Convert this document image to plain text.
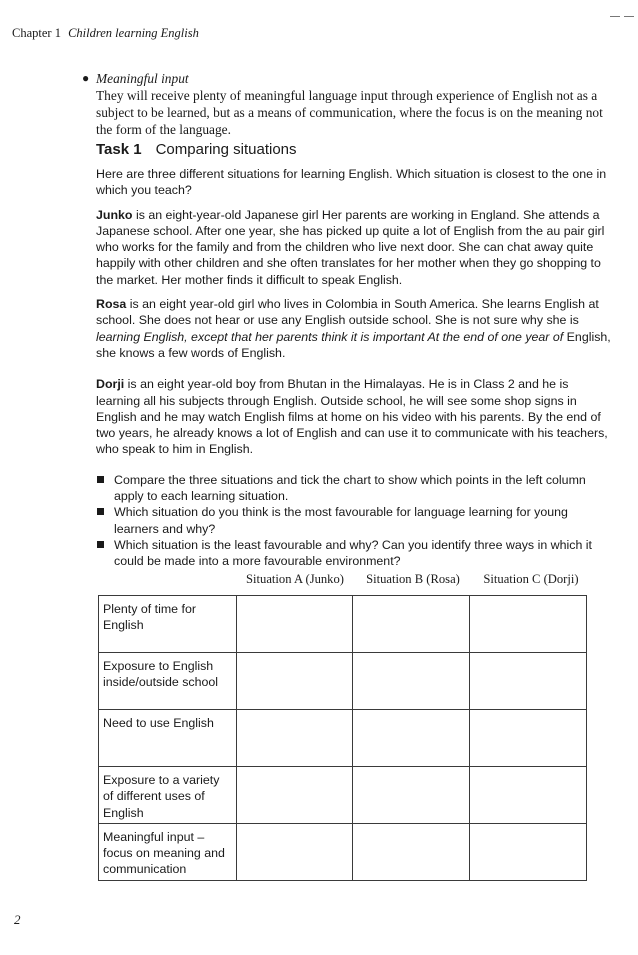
Chapter 1 Children learning English
● Meaningful input

They will receive plenty of meaningful language input through experience of English not as a subject to be learned, but as a means of communication, where the focus is on the meaning not the form of the language.

Task 1 Comparing situations

Here are three different situations for learning English. Which situation is closest to the one in which you teach?

Junko is an eight-year-old Japanese girl Her parents are working in England. She attends a Japanese school. After one year, she has picked up quite a lot of English from the au pair girl who works for the family and from the children who live next door. She can chat away quite happily with other children and she often translates for her mother when they go shopping to the market. Her mother finds it difficult to speak English.

Rosa is an eight year-old girl who lives in Colombia in South America. She learns English at school. She does not hear or use any English outside school. She is not sure why she is learning English, except that her parents think it is important At the end of one year of English, she knows a few words of English.

Dorji is an eight year-old boy from Bhutan in the Himalayas. He is in Class 2 and he is learning all his subjects through English. Outside school, he will see some shop signs in English and he may watch English films at home on his video with his parents. By the end of two years, he already knows a lot of English and can use it to communicate with his teachers, who speak to him in English.

Compare the three situations and tick the chart to show which points in the left column apply to each learning situation.
Which situation do you think is the most favourable for language learning for young learners and why?
Which situation is the least favourable and why? Can you identify three ways in which it could be made into a more favourable environment?
Situation A (Junko)	Situation B (Rosa)	Situation C (Dorji)
Plenty of time for English			
Exposure to English inside/outside school			
Need to use English			
Exposure to a variety of different uses of English			
Meaningful input – focus on meaning and communication			
2
